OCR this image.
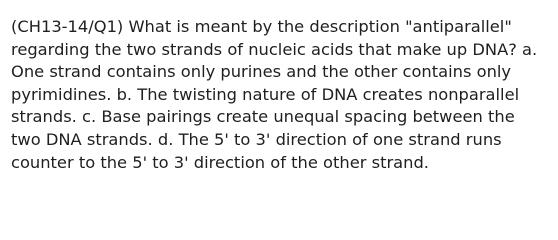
(CH13-14/Q1) What is meant by the description "antiparallel"
regarding the two strands of nucleic acids that make up DNA? a.
One strand contains only purines and the other contains only
pyrimidines. b. The twisting nature of DNA creates nonparallel
strands. c. Base pairings create unequal spacing between the
two DNA strands. d. The 5' to 3' direction of one strand runs
counter to the 5' to 3' direction of the other strand.
